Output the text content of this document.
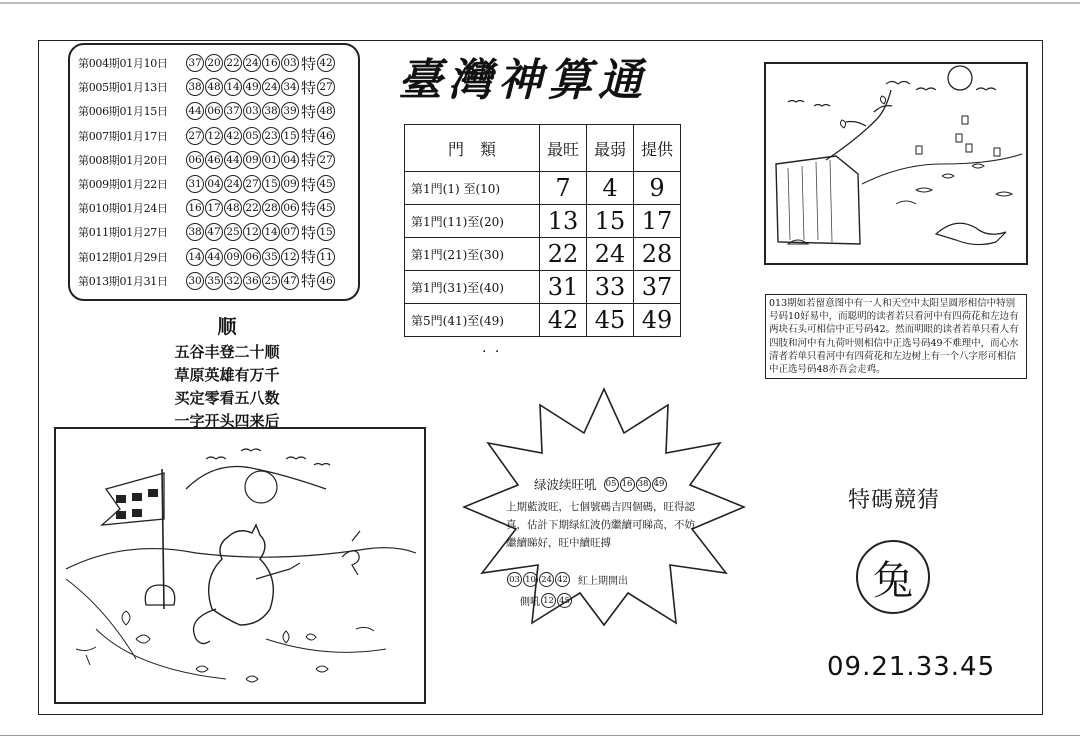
第004期01月10日	37 20 22 24 16 03 特 42
第005期01月13日	38 48 14 49 24 34 特 27
第006期01月15日	44 06 37 03 38 39 特 48
第007期01月17日	27 12 42 05 23 15 特 46
第008期01月20日	06 46 44 09 01 04 特 27
第009期01月22日	31 04 24 27 15 09 特 45
第010期01月24日	16 17 48 22 28 06 特 45
第011期01月27日	38 47 25 12 14 07 特 15
第012期01月29日	14 44 09 06 35 12 特 11
第013期01月31日	30 35 32 36 25 47 特 46
臺灣神算通
門　類	最旺	最弱	提供
第1門(1) 至(10)	7	4	9
第1門(11)至(20)	13	15	17
第1門(21)至(30)	22	24	28
第1門(31)至(40)	31	33	37
第5門(41)至(49)	42	45	49
. .
顺
五谷丰登二十顺
草原英雄有万千
买定零看五八数
一字开头四来后
013期如若留意图中有一人和天空中太阳呈圆形相信中特别号码10好易中，而聪明的读者若只看河中有四荷花和左边有两块石头可相信中正号码42。然而明眼的读者若单只看人有四肢和河中有九荷叶则相信中正选号码49不难理中，而心水清者若单只看河中有四荷花和左边树上有一个八字形可相信中正选号码48亦吾会走鸡。
绿波续旺吼 05 16 38 49
上期藍波旺，七個號碼吉四個碼，旺得認真，估計下期绿紅波仍繼續可睇高，不妨繼續睇好，旺中續旺搏
03 10 24 42 紅上期開出
側吼 12 45
特碼競猜
兔
09.21.33.45
